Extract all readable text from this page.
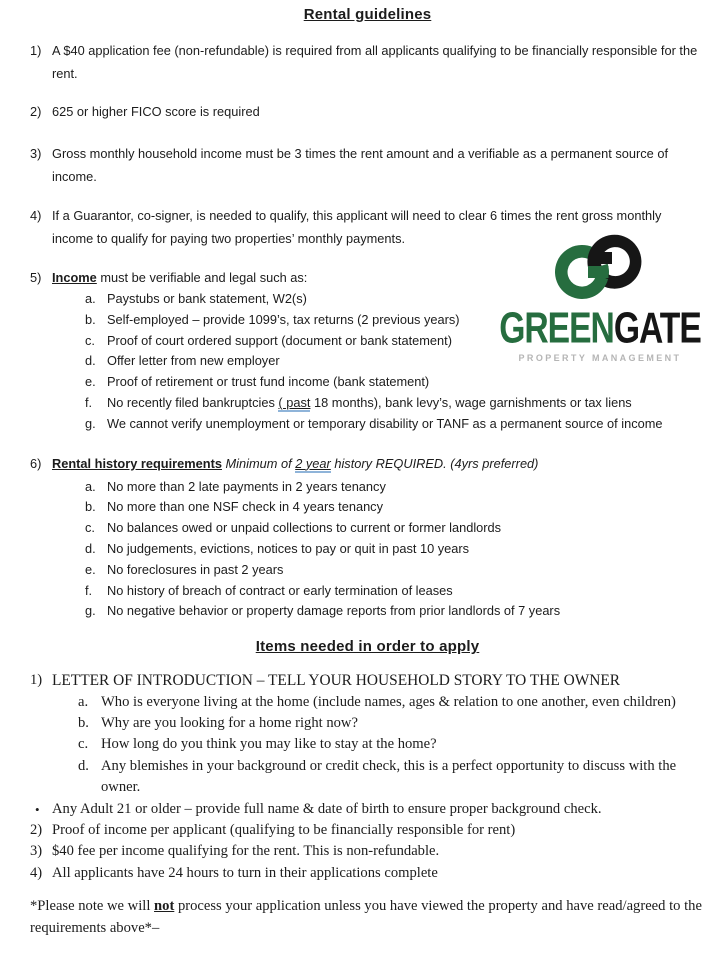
Rental guidelines
1) A $40 application fee (non-refundable) is required from all applicants qualifying to be financially responsible for the rent.

2) 625 or higher FICO score is required

3) Gross monthly household income must be 3 times the rent amount and a verifiable as a permanent source of income.

4) If a Guarantor, co-signer, is needed to qualify, this applicant will need to clear 6 times the rent gross monthly income to qualify for paying two properties’ monthly payments.

5) Income must be verifiable and legal such as:

a. Paystubs or bank statement, W2(s)

b. Self-employed – provide 1099’s, tax returns (2 previous years)

c. Proof of court ordered support (document or bank statement)

d. Offer letter from new employer

e. Proof of retirement or trust fund income (bank statement)

f.	No recently filed bankruptcies ( past 18 months), bank levy’s, wage garnishments or tax liens

g. We cannot verify unemployment or temporary disability or TANF as a permanent source of income

6) Rental history requirements Minimum of 2 year history REQUIRED. (4yrs preferred)

a. No more than 2 late payments in 2 years tenancy

b. No more than one NSF check in 4 years tenancy

c. No balances owed or unpaid collections to current or former landlords

d. No judgements, evictions, notices to pay or quit in past 10 years

e. No foreclosures in past 2 years

f.	No history of breach of contract or early termination of leases

g. No negative behavior or property damage reports from prior landlords of 7 years

Items needed in order to apply
1) LETTER OF INTRODUCTION – TELL YOUR HOUSEHOLD STORY TO THE OWNER

a. Who is everyone living at the home (include names, ages & relation to one another, even children)

b. Why are you looking for a home right now?

c. How long do you think you may like to stay at the home?

d. Any blemishes in your background or credit check, this is a perfect opportunity to discuss with the owner.

• Any Adult 21 or older – provide full name & date of birth to ensure proper background check.

2) Proof of income per applicant (qualifying to be financially responsible for rent)

3) $40 fee per income qualifying for the rent. This is non-refundable.

4) All applicants have 24 hours to turn in their applications complete

*Please note we will not process your application unless you have viewed the property and have read/agreed to the requirements above*–

GREENGATE
PROPERTY MANAGEMENT
